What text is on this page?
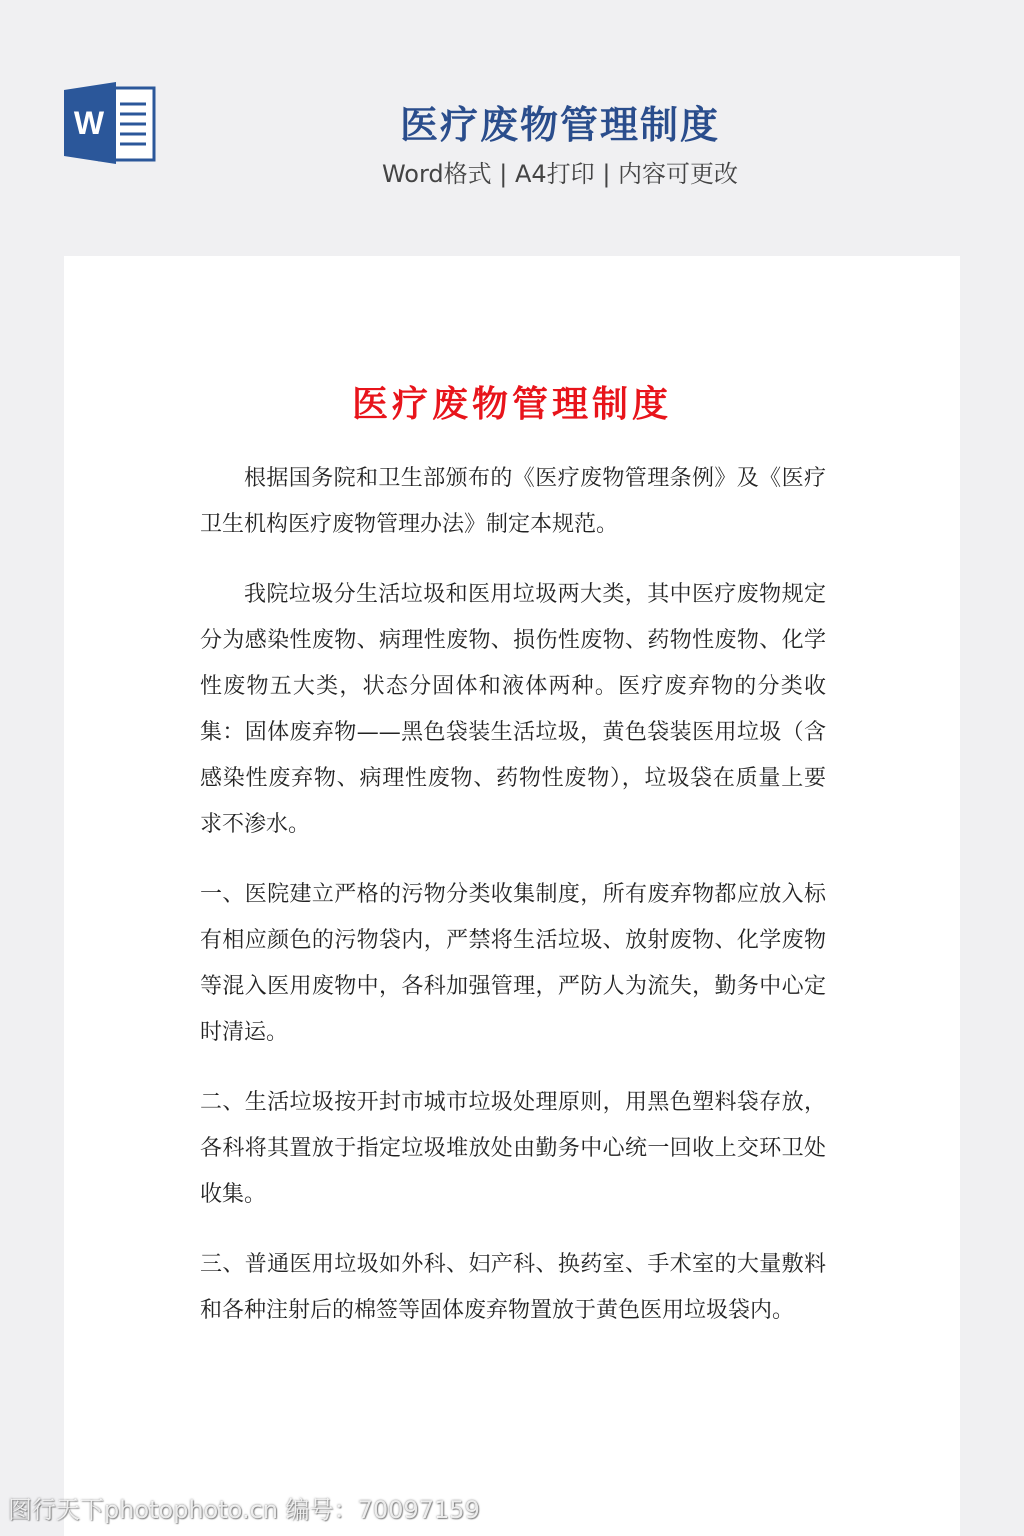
W	医疗废物管理制度
Word格式 | A4打印 | 内容可更改
医疗废物管理制度

根据国务院和卫生部颁布的《医疗废物管理条例》及《医疗卫生机构医疗废物管理办法》制定本规范。

我院垃圾分生活垃圾和医用垃圾两大类，其中医疗废物规定分为感染性废物、病理性废物、损伤性废物、药物性废物、化学性废物五大类，状态分固体和液体两种。医疗废弃物的分类收集：固体废弃物——黑色袋装生活垃圾，黄色袋装医用垃圾（含感染性废弃物、病理性废物、药物性废物），垃圾袋在质量上要求不渗水。

一、医院建立严格的污物分类收集制度，所有废弃物都应放入标有相应颜色的污物袋内，严禁将生活垃圾、放射废物、化学废物等混入医用废物中，各科加强管理，严防人为流失，勤务中心定时清运。

二、生活垃圾按开封市城市垃圾处理原则，用黑色塑料袋存放，各科将其置放于指定垃圾堆放处由勤务中心统一回收上交环卫处收集。

三、普通医用垃圾如外科、妇产科、换药室、手术室的大量敷料和各种注射后的棉签等固体废弃物置放于黄色医用垃圾袋内。

图行天下photophoto.cn 编号：70097159
